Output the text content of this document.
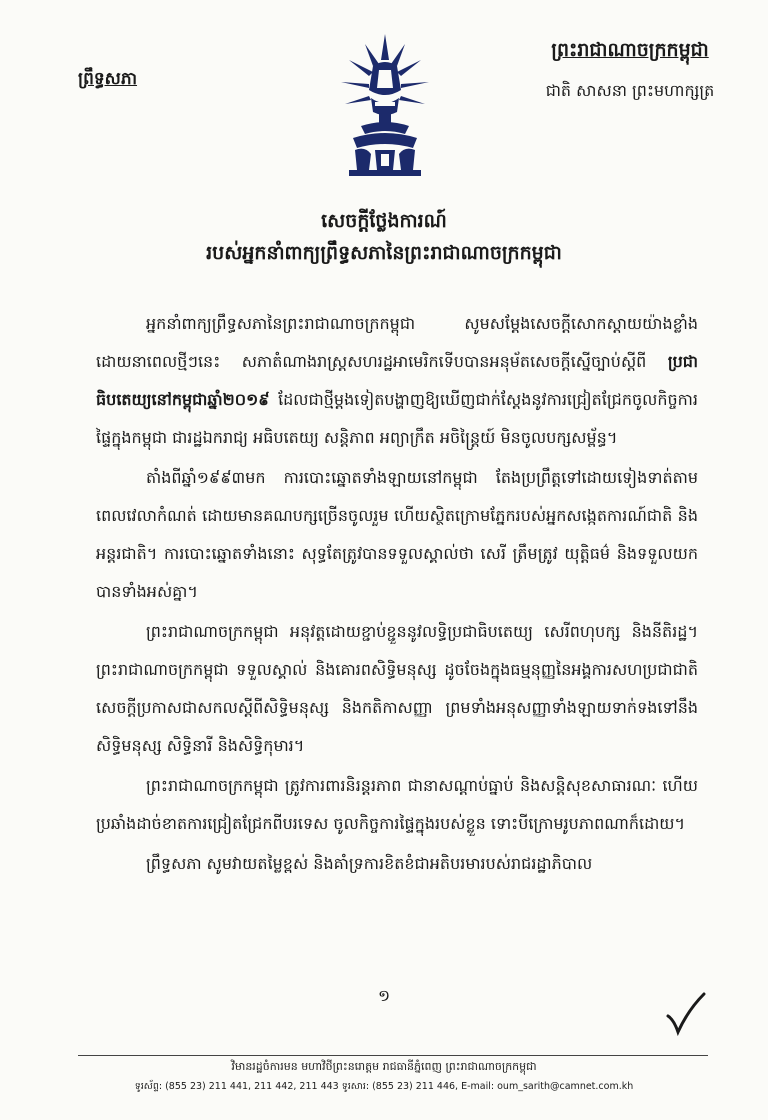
ព្រឹទ្ធសភា
ព្រះរាជាណាចក្រកម្ពុជា
ជាតិ សាសនា ព្រះមហាក្សត្រ
សេចក្ដីថ្លែងការណ៍
របស់អ្នកនាំពាក្យព្រឹទ្ធសភានៃព្រះរាជាណាចក្រកម្ពុជា

អ្នកនាំពាក្យព្រឹទ្ធសភានៃព្រះរាជាណាចក្រកម្ពុជា សូមសម្ដែងសេចក្ដីសោកស្ដាយយ៉ាងខ្លាំង ដោយនាពេលថ្មីៗនេះ សភាតំណាងរាស្ត្រសហរដ្ឋអាមេរិកទើបបានអនុម័តសេចក្ដីស្នើច្បាប់ស្ដីពី ប្រជាធិបតេយ្យនៅកម្ពុជាឆ្នាំ២០១៩ ដែលជាថ្មីម្ដងទៀតបង្ហាញឱ្យឃើញជាក់ស្ដែងនូវការជ្រៀតជ្រែកចូលកិច្ចការផ្ទៃក្នុងកម្ពុជា ជារដ្ឋឯករាជ្យ អធិបតេយ្យ សន្តិភាព អព្យាក្រឹត អចិន្ត្រៃយ៍ មិនចូលបក្សសម្ព័ន្ធ។

តាំងពីឆ្នាំ១៩៩៣មក ការបោះឆ្នោតទាំងឡាយនៅកម្ពុជា តែងប្រព្រឹត្តទៅដោយទៀងទាត់តាមពេលវេលាកំណត់ ដោយមានគណបក្សច្រើនចូលរួម ហើយស្ថិតក្រោមភ្នែករបស់អ្នកសង្កេតការណ៍ជាតិ និងអន្តរជាតិ។ ការបោះឆ្នោតទាំងនោះ សុទ្ធតែត្រូវបានទទួលស្គាល់ថា សេរី ត្រឹមត្រូវ យុត្តិធម៌ និងទទួលយកបានទាំងអស់គ្នា។

ព្រះរាជាណាចក្រកម្ពុជា អនុវត្តដោយខ្ជាប់ខ្ជួននូវលទ្ធិប្រជាធិបតេយ្យ សេរីពហុបក្ស និងនីតិរដ្ឋ។ ព្រះរាជាណាចក្រកម្ពុជា ទទួលស្គាល់ និងគោរពសិទ្ធិមនុស្ស ដូចចែងក្នុងធម្មនុញ្ញនៃអង្គការសហប្រជាជាតិ សេចក្ដីប្រកាសជាសកលស្ដីពីសិទ្ធិមនុស្ស និងកតិកាសញ្ញា ព្រមទាំងអនុសញ្ញាទាំងឡាយទាក់ទងទៅនឹងសិទ្ធិមនុស្ស សិទ្ធិនារី និងសិទ្ធិកុមារ។

ព្រះរាជាណាចក្រកម្ពុជា ត្រូវការពារនិរន្តរភាព ជានាសណ្ដាប់ធ្នាប់ និងសន្តិសុខសាធារណៈ ហើយប្រឆាំងដាច់ខាតការជ្រៀតជ្រែកពីបរទេស ចូលកិច្ចការផ្ទៃក្នុងរបស់ខ្លួន ទោះបីក្រោមរូបភាពណាក៏ដោយ។

ព្រឹទ្ធសភា សូមវាយតម្លៃខ្ពស់ និងគាំទ្រការខិតខំជាអតិបរមារបស់រាជរដ្ឋាភិបាល

១
វិមានរដ្ឋចំការមន មហាវិថីព្រះនរោត្តម រាជធានីភ្នំពេញ ព្រះរាជាណាចក្រកម្ពុជា
ទូរស័ព្ទ: (855 23) 211 441, 211 442, 211 443 ទូរសារ: (855 23) 211 446, E-mail: oum_sarith@camnet.com.kh
